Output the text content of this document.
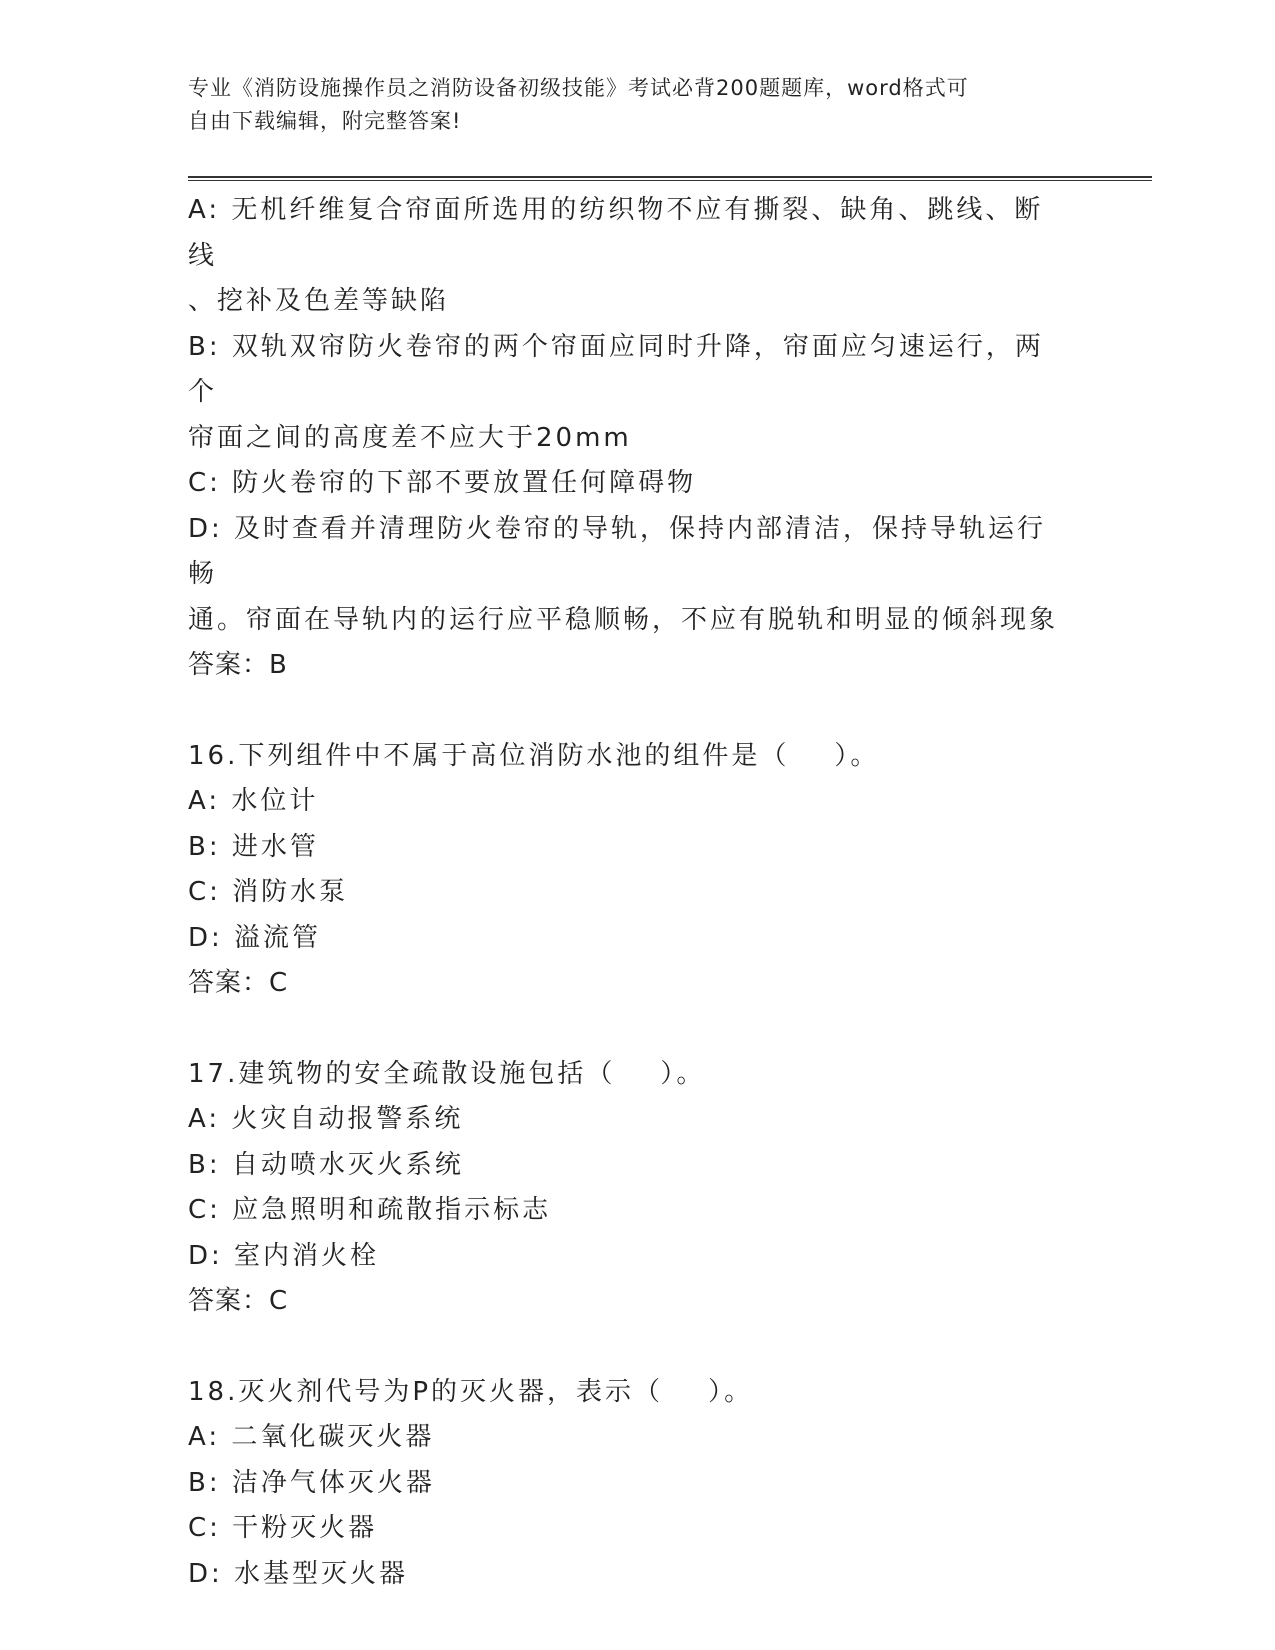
专业《消防设施操作员之消防设备初级技能》考试必背200题题库，word格式可
自由下载编辑，附完整答案!
A: 无机纤维复合帘面所选用的纺织物不应有撕裂、缺角、跳线、断线
、挖补及色差等缺陷
B: 双轨双帘防火卷帘的两个帘面应同时升降，帘面应匀速运行，两个
帘面之间的高度差不应大于20mm
C: 防火卷帘的下部不要放置任何障碍物
D: 及时查看并清理防火卷帘的导轨，保持内部清洁，保持导轨运行畅
通。帘面在导轨内的运行应平稳顺畅，不应有脱轨和明显的倾斜现象
答案：B
16.下列组件中不属于高位消防水池的组件是（    ）。
A: 水位计
B: 进水管
C: 消防水泵
D: 溢流管
答案：C
17.建筑物的安全疏散设施包括（    ）。
A: 火灾自动报警系统
B: 自动喷水灭火系统
C: 应急照明和疏散指示标志
D: 室内消火栓
答案：C
18.灭火剂代号为P的灭火器，表示（    ）。
A: 二氧化碳灭火器
B: 洁净气体灭火器
C: 干粉灭火器
D: 水基型灭火器
